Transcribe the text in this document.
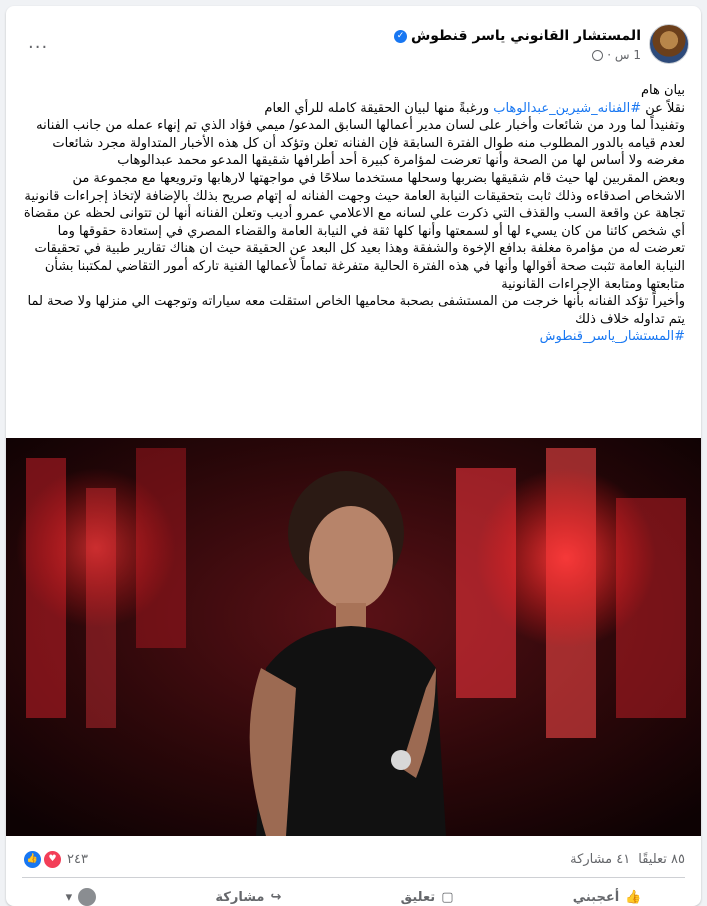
المستشار القانوني ياسر قنطوش
✓
1 س ·
...

بيان هام

نقلاً عن #الفنانه_شيرين_عبدالوهاب ورغبةً منها لبيان الحقيقة كامله للرأي العام

وتفنيداً لما ورد من شائعات وأخبار على لسان مدير أعمالها السابق المدعو/ ميمي فؤاد الذي تم إنهاء عمله من جانب الفنانه لعدم قيامه بالدور المطلوب منه طوال الفترة السابقة فإن الفنانه تعلن وتؤكد أن كل هذه الأخبار المتداولة مجرد شائعات مغرضه ولا أساس لها من الصحة وأنها تعرضت لمؤامرة كبيرة أحد أطرافها شقيقها المدعو محمد عبدالوهاب

وبعض المقربين لها حيث قام شقيقها بضربها وسحلها مستخدما سلاحًا في مواجهتها لارهابها وترويعها مع مجموعة من الاشخاص اصدقاءه وذلك ثابت بتحقيقات النيابة العامة حيث وجهت الفنانه له إتهام صريح بذلك بالإضافة لإتخاذ إجراءات قانونية تجاهة عن واقعة السب والقذف التي ذكرت علي لسانه مع الاعلامي عمرو أديب وتعلن الفنانه أنها لن تتوانى لحظه عن مقضاة أي شخص كائنا من كان يسيء لها أو لسمعتها وأنها كلها ثقة في النيابة العامة والقضاء المصري في إستعادة حقوقها وما تعرضت له من مؤامرة مغلفة بدافع الإخوة والشفقة وهذا بعيد كل البعد عن الحقيقة حيث ان هناك تقارير طبية في تحقيقات النيابة العامة تثبت صحة أقوالها وأنها في هذه الفترة الحالية متفرغة تماماً لأعمالها الفنية تاركه أمور التقاضي لمكتبنا بشأن متابعتها ومتابعة الإجراءات القانونية

وأخيراً تؤكد الفنانه بأنها خرجت من المستشفى بصحبة محاميها الخاص استقلت معه سياراته وتوجهت الي منزلها ولا صحة لما يتم تداوله خلاف ذلك

#المستشار_ياسر_قنطوش

👍	♥ ٢٤٣	٨٥ تعليقًا
٤١ مشاركة
👍
أعجبني
▢
تعليق
↪
مشاركة
▾
